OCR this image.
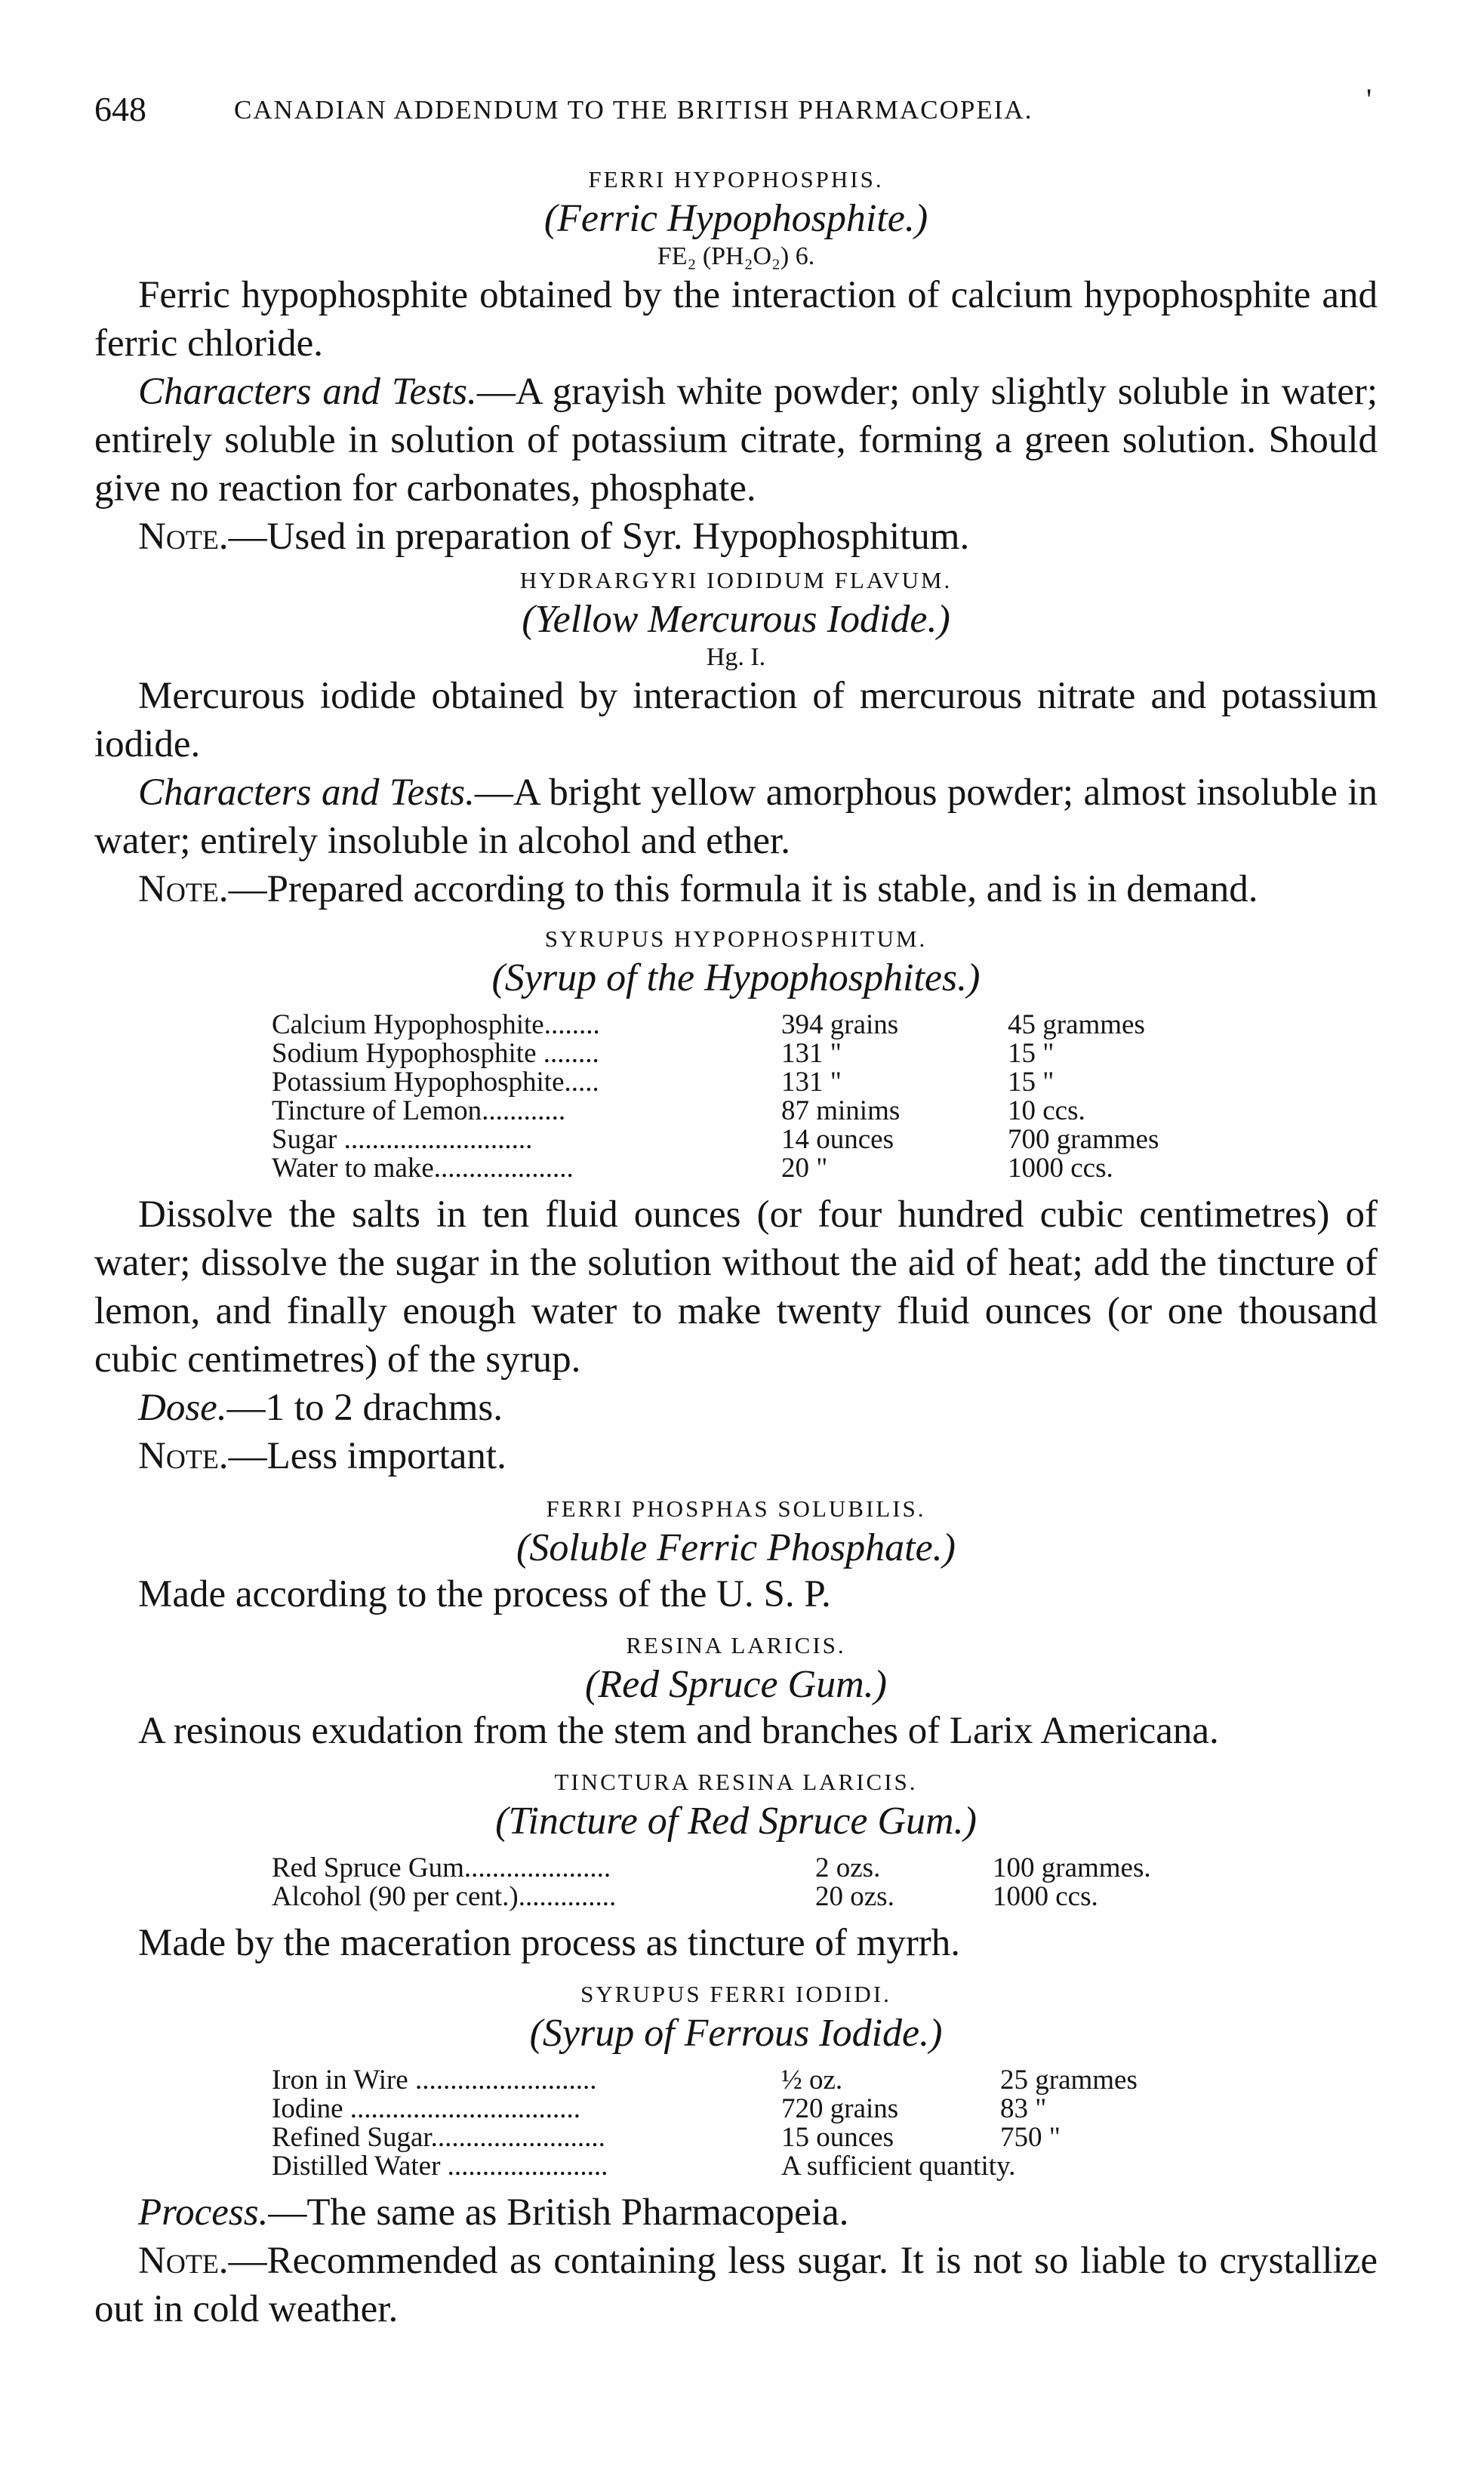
648	CANADIAN ADDENDUM TO THE BRITISH PHARMACOPEIA.	'
FERRI HYPOPHOSPHIS.
(Ferric Hypophosphite.)
FE₂ (PH₂O₂) 6.

Ferric hypophosphite obtained by the interaction of calcium hypophosphite and ferric chloride.

Characters and Tests.—A grayish white powder; only slightly soluble in water; entirely soluble in solution of potassium citrate, forming a green solution. Should give no reaction for carbonates, phosphate.

Note.—Used in preparation of Syr. Hypophosphitum.

HYDRARGYRI IODIDUM FLAVUM.
(Yellow Mercurous Iodide.)
Hg. I.

Mercurous iodide obtained by interaction of mercurous nitrate and potassium iodide.

Characters and Tests.—A bright yellow amorphous powder; almost insoluble in water; entirely insoluble in alcohol and ether.

Note.—Prepared according to this formula it is stable, and is in demand.

SYRUPUS HYPOPHOSPHITUM.
(Syrup of the Hypophosphites.)
Calcium Hypophosphite........	394 grains	45 grammes
Sodium Hypophosphite ........	131 "	15 "
Potassium Hypophosphite.....	131 "	15 "
Tincture of Lemon............	87 minims	10 ccs.
Sugar ...........................	14 ounces	700 grammes
Water to make....................	20 "	1000 ccs.

Dissolve the salts in ten fluid ounces (or four hundred cubic centimetres) of water; dissolve the sugar in the solution without the aid of heat; add the tincture of lemon, and finally enough water to make twenty fluid ounces (or one thousand cubic centimetres) of the syrup.

Dose.—1 to 2 drachms.

Note.—Less important.

FERRI PHOSPHAS SOLUBILIS.
(Soluble Ferric Phosphate.)

Made according to the process of the U. S. P.

RESINA LARICIS.
(Red Spruce Gum.)

A resinous exudation from the stem and branches of Larix Americana.

TINCTURA RESINA LARICIS.
(Tincture of Red Spruce Gum.)
Red Spruce Gum.....................	2 ozs.	100 grammes.
Alcohol (90 per cent.)..............	20 ozs.	1000 ccs.

Made by the maceration process as tincture of myrrh.

SYRUPUS FERRI IODIDI.
(Syrup of Ferrous Iodide.)
Iron in Wire ..........................	½ oz.	25 grammes
Iodine .................................	720 grains	83 "
Refined Sugar.........................	15 ounces	750 "
Distilled Water .......................	A sufficient quantity.	

Process.—The same as British Pharmacopeia.

Note.—Recommended as containing less sugar. It is not so liable to crystallize out in cold weather.
